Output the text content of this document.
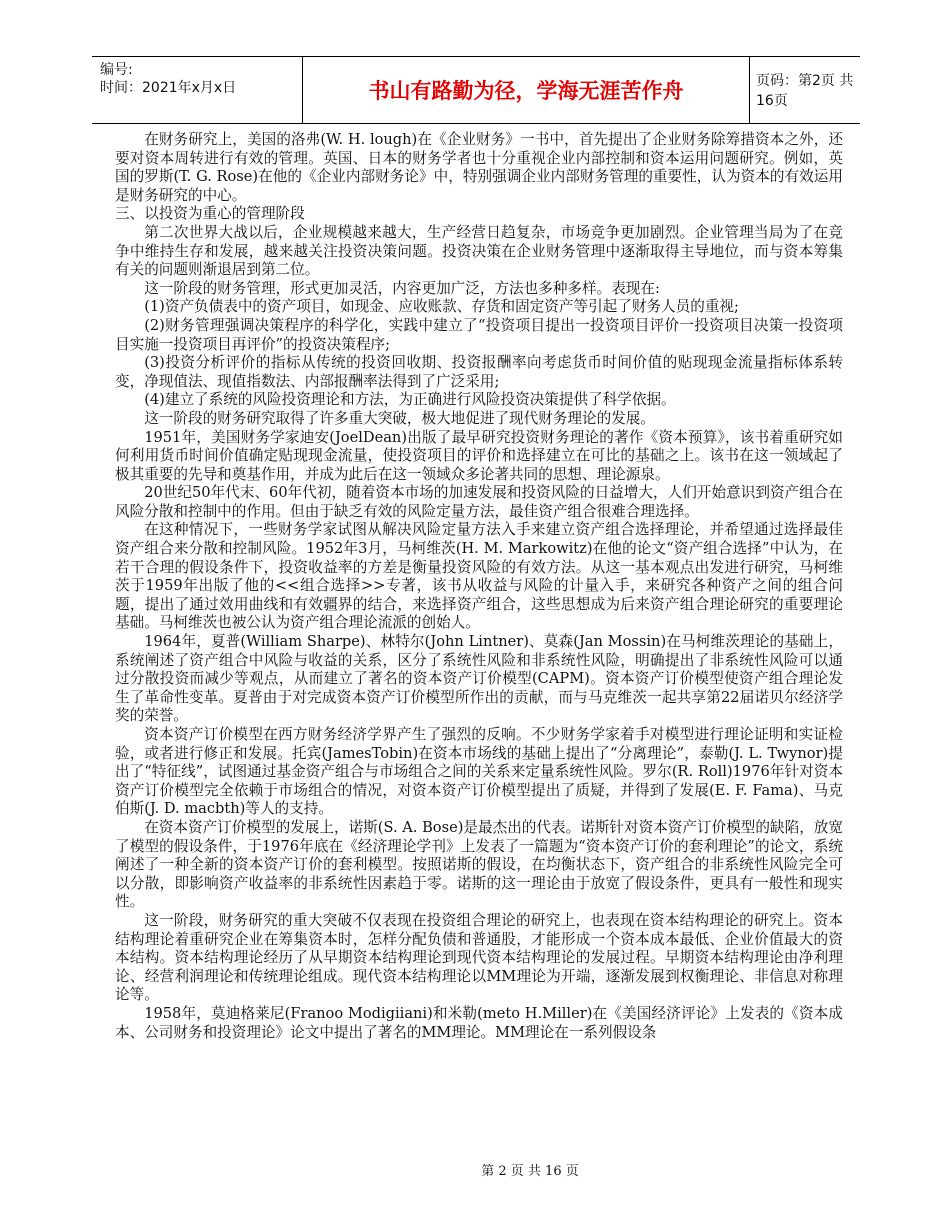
编号:
时间：2021年x月x日	书山有路勤为径，学海无涯苦作舟	页码：第2页 共16页

在财务研究上，美国的洛弗(W. H. lough)在《企业财务》一书中，首先提出了企业财务除筹措资本之外，还要对资本周转进行有效的管理。英国、日本的财务学者也十分重视企业内部控制和资本运用问题研究。例如，英国的罗斯(T. G. Rose)在他的《企业内部财务论》中，特别强调企业内部财务管理的重要性，认为资本的有效运用是财务研究的中心。

三、以投资为重心的管理阶段

第二次世界大战以后，企业规模越来越大，生产经营日趋复杂，市场竞争更加剧烈。企业管理当局为了在竞争中维持生存和发展，越来越关注投资决策问题。投资决策在企业财务管理中逐渐取得主导地位，而与资本筹集有关的问题则渐退居到第二位。

这一阶段的财务管理，形式更加灵活，内容更加广泛，方法也多种多样。表现在:

(1)资产负债表中的资产项目，如现金、应收账款、存货和固定资产等引起了财务人员的重视;

(2)财务管理强调决策程序的科学化，实践中建立了“投资项目提出一投资项目评价一投资项目决策一投资项目实施一投资项目再评价”的投资决策程序;

(3)投资分析评价的指标从传统的投资回收期、投资报酬率向考虑货币时间价值的贴现现金流量指标体系转变，净现值法、现值指数法、内部报酬率法得到了广泛采用;

(4)建立了系统的风险投资理论和方法，为正确进行风险投资决策提供了科学依据。

这一阶段的财务研究取得了许多重大突破，极大地促进了现代财务理论的发展。

1951年，美国财务学家迪安(JoelDean)出版了最早研究投资财务理论的著作《资本预算》，该书着重研究如何利用货币时间价值确定贴现现金流量，使投资项目的评价和选择建立在可比的基础之上。该书在这一领域起了极其重要的先导和奠基作用，并成为此后在这一领域众多论著共同的思想、理论源泉。

20世纪50年代末、60年代初，随着资本市场的加速发展和投资风险的日益增大，人们开始意识到资产组合在风险分散和控制中的作用。但由于缺乏有效的风险定量方法，最佳资产组合很难合理选择。

在这种情况下，一些财务学家试图从解决风险定量方法入手来建立资产组合选择理论，并希望通过选择最佳资产组合来分散和控制风险。1952年3月，马柯维茨(H. M. Markowitz)在他的论文“资产组合选择”中认为，在若干合理的假设条件下，投资收益率的方差是衡量投资风险的有效方法。从这一基本观点出发进行研究，马柯维茨于1959年出版了他的<<组合选择>>专著，该书从收益与风险的计量入手，来研究各种资产之间的组合问题，提出了通过效用曲线和有效疆界的结合，来选择资产组合，这些思想成为后来资产组合理论研究的重要理论基础。马柯维茨也被公认为资产组合理论流派的创始人。

1964年，夏普(William Sharpe)、林特尔(John Lintner)、莫森(Jan Mossin)在马柯维茨理论的基础上，系统阐述了资产组合中风险与收益的关系，区分了系统性风险和非系统性风险，明确提出了非系统性风险可以通过分散投资而减少等观点，从而建立了著名的资本资产订价模型(CAPM)。资本资产订价模型使资产组合理论发生了革命性变革。夏普由于对完成资本资产订价模型所作出的贡献，而与马克维茨一起共享第22届诺贝尔经济学奖的荣誉。

资本资产订价模型在西方财务经济学界产生了强烈的反响。不少财务学家着手对模型进行理论证明和实证检验，或者进行修正和发展。托宾(JamesTobin)在资本市场线的基础上提出了“分离理论”，泰勒(J. L. Twynor)提出了“特征线”，试图通过基金资产组合与市场组合之间的关系来定量系统性风险。罗尔(R. Roll)1976年针对资本资产订价模型完全依赖于市场组合的情况，对资本资产订价模型提出了质疑，并得到了发展(E. F. Fama)、马克伯斯(J. D. macbth)等人的支持。

在资本资产订价模型的发展上，诺斯(S. A. Bose)是最杰出的代表。诺斯针对资本资产订价模型的缺陷，放宽了模型的假设条件，于1976年底在《经济理论学刊》上发表了一篇题为“资本资产订价的套利理论”的论文，系统阐述了一种全新的资本资产订价的套利模型。按照诺斯的假设，在均衡状态下，资产组合的非系统性风险完全可以分散，即影响资产收益率的非系统性因素趋于零。诺斯的这一理论由于放宽了假设条件，更具有一般性和现实性。

这一阶段，财务研究的重大突破不仅表现在投资组合理论的研究上，也表现在资本结构理论的研究上。资本结构理论着重研究企业在筹集资本时，怎样分配负债和普通股，才能形成一个资本成本最低、企业价值最大的资本结构。资本结构理论经历了从早期资本结构理论到现代资本结构理论的发展过程。早期资本结构理论由净利理论、经营利润理论和传统理论组成。现代资本结构理论以MM理论为开端，逐渐发展到权衡理论、非信息对称理论等。

1958年，莫迪格莱尼(Franoo Modigiiani)和米勒(meto H.Miller)在《美国经济评论》上发表的《资本成本、公司财务和投资理论》论文中提出了著名的MM理论。MM理论在一系列假设条

第 2 页 共 16 页
